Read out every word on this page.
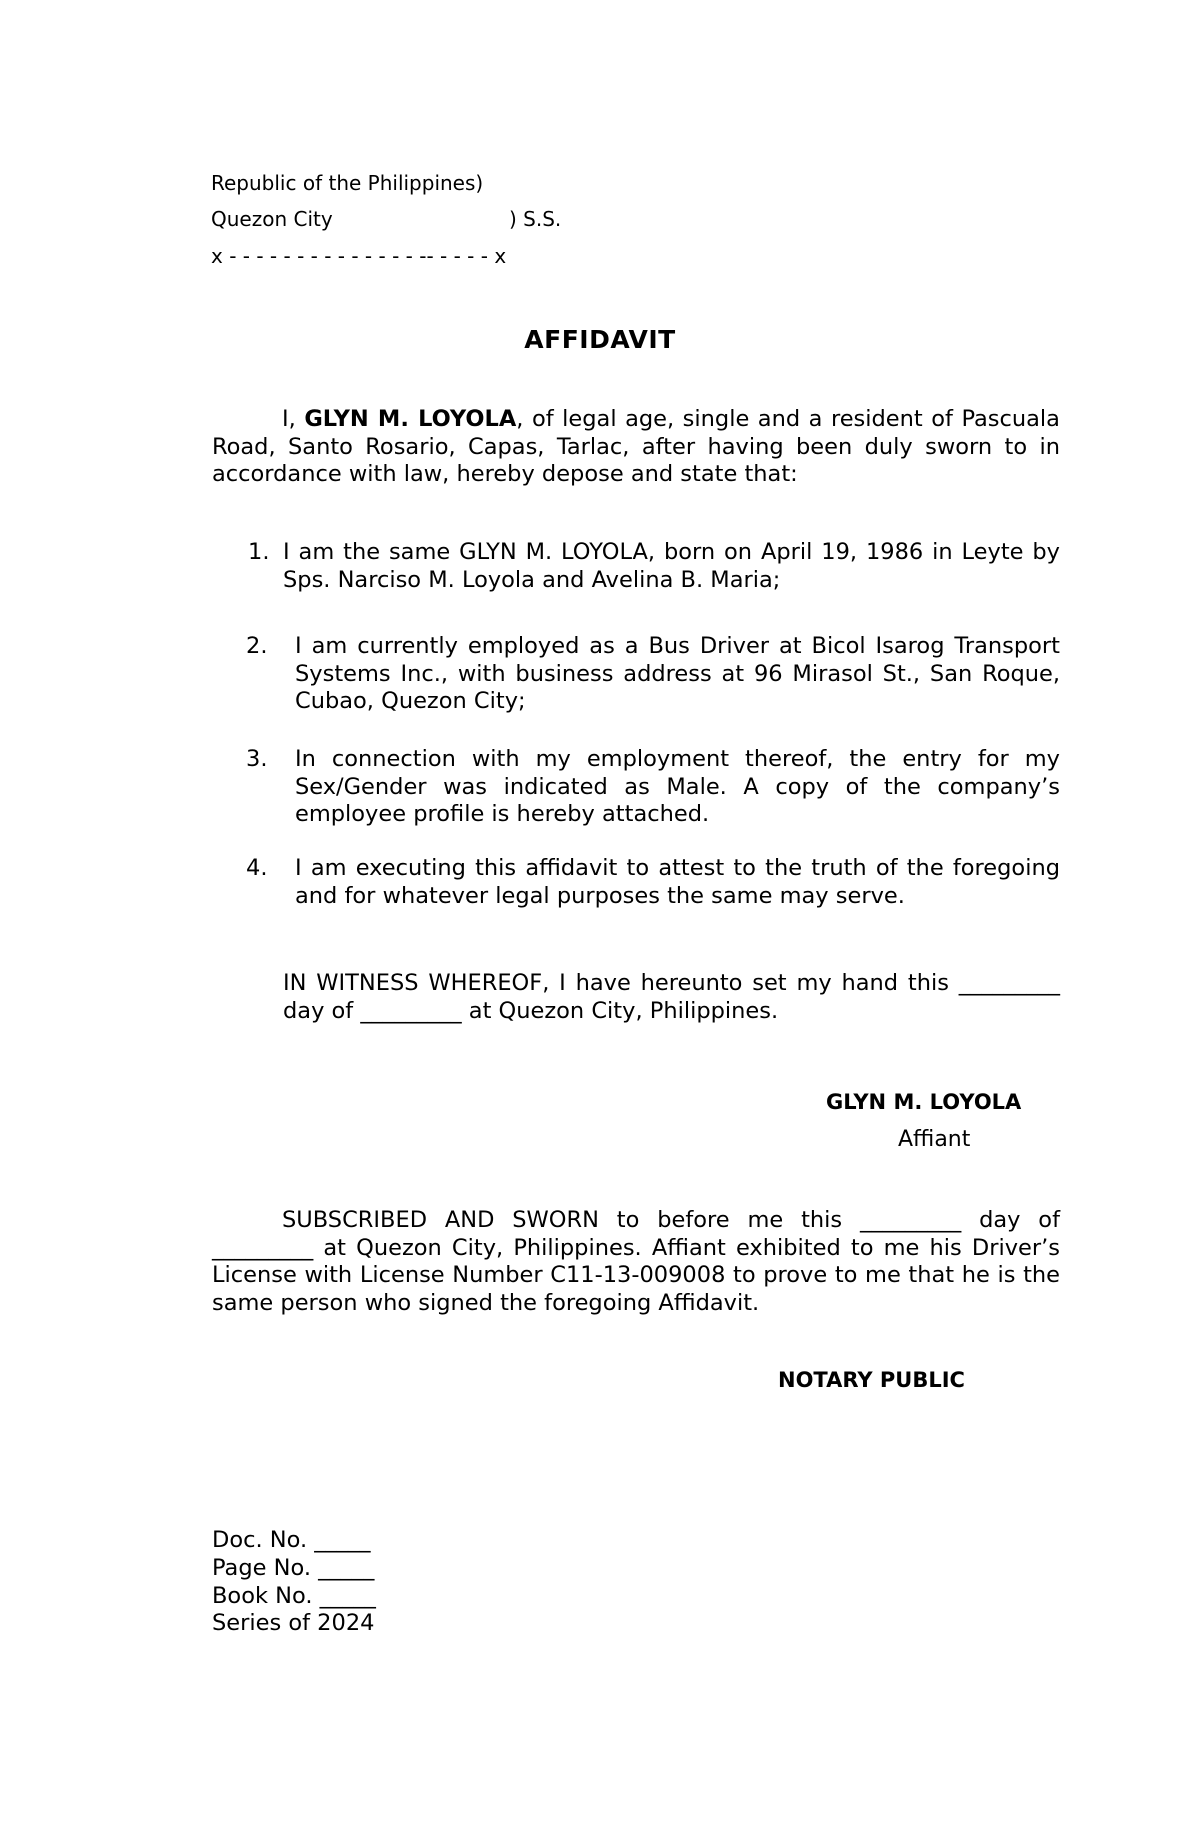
Republic of the Philippines)
Quezon City	) S.S.
x - - - - - - - - - - - - - - -- - - - - x
AFFIDAVIT

I, GLYN M. LOYOLA, of legal age, single and a resident of Pascuala Road, Santo Rosario, Capas, Tarlac, after having been duly sworn to in accordance with law, hereby depose and state that:

1. I am the same GLYN M. LOYOLA, born on April 19, 1986 in Leyte by Sps. Narciso M. Loyola and Avelina B. Maria;

2. I am currently employed as a Bus Driver at Bicol Isarog Transport Systems Inc., with business address at 96 Mirasol St., San Roque, Cubao, Quezon City;

3. In connection with my employment thereof, the entry for my Sex/Gender was indicated as Male. A copy of the company’s employee profile is hereby attached.

4. I am executing this affidavit to attest to the truth of the foregoing and for whatever legal purposes the same may serve.

IN WITNESS WHEREOF, I have hereunto set my hand this _________ day of _________ at Quezon City, Philippines.

GLYN M. LOYOLA
Affiant

SUBSCRIBED AND SWORN to before me this _________ day of _________ at Quezon City, Philippines. Affiant exhibited to me his Driver’s License with License Number C11-13-009008 to prove to me that he is the same person who signed the foregoing Affidavit.

NOTARY PUBLIC
Doc. No. _____
Page No. _____
Book No. _____
Series of 2024
